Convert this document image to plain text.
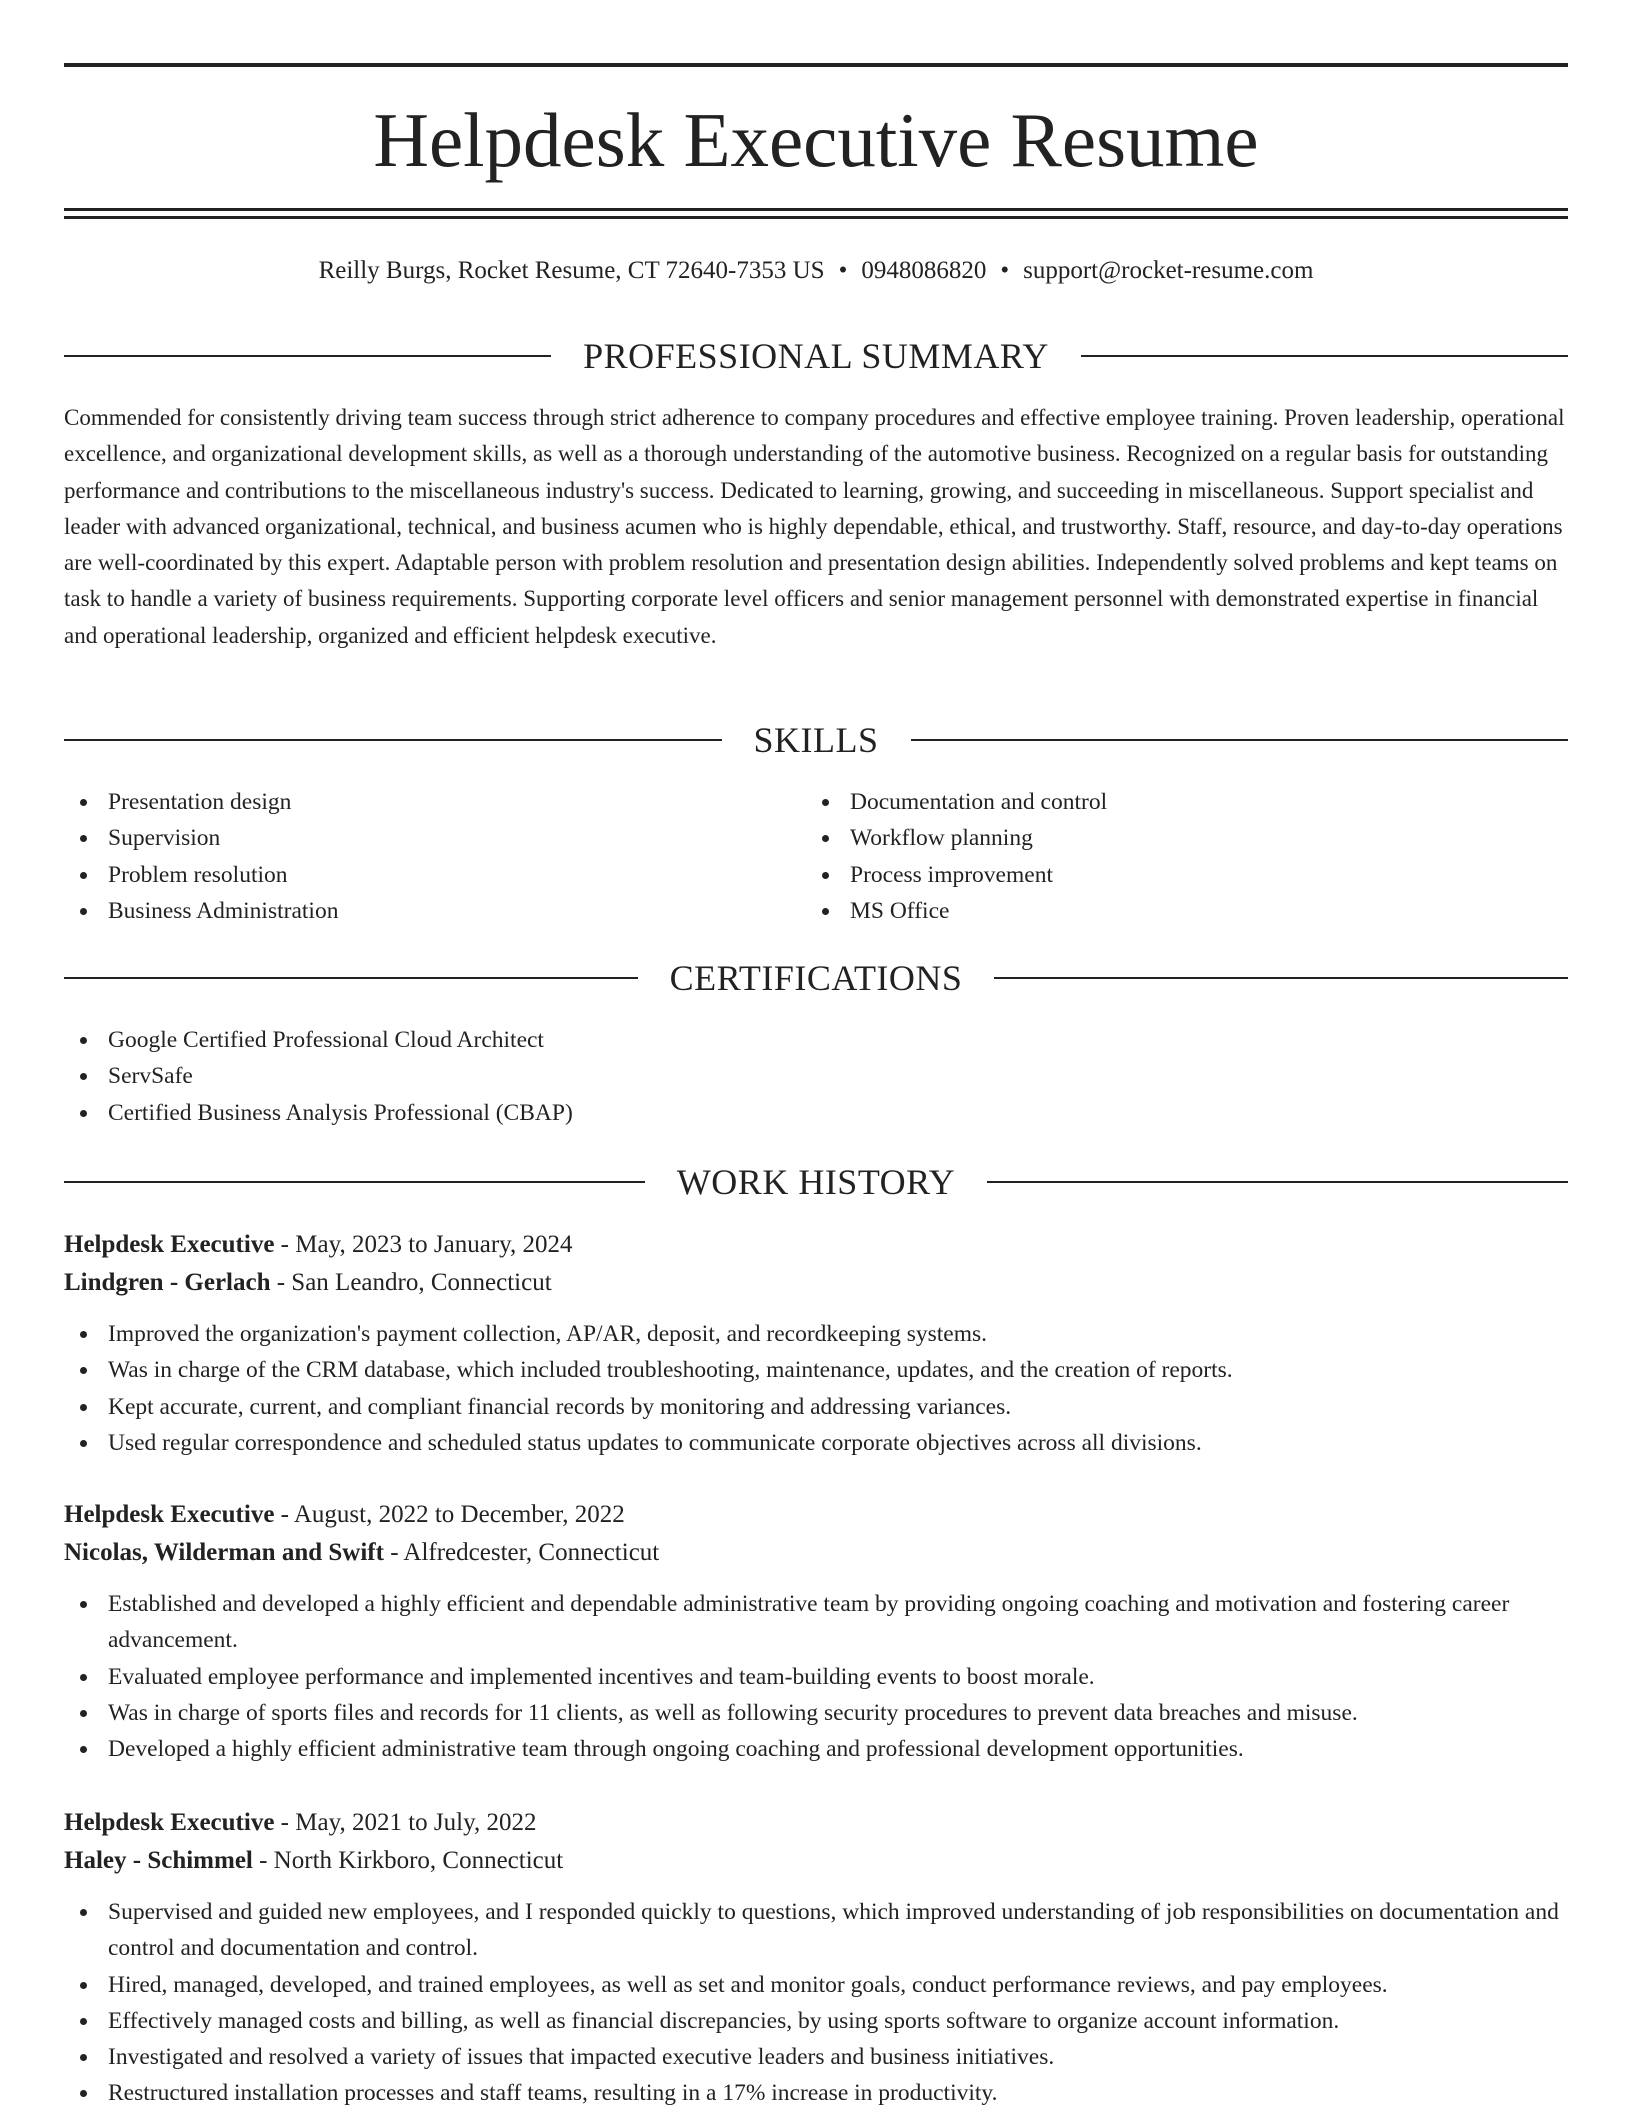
Helpdesk Executive Resume
Reilly Burgs, Rocket Resume, CT 72640-7353 US • 0948086820 • support@rocket-resume.com
PROFESSIONAL SUMMARY

Commended for consistently driving team success through strict adherence to company procedures and effective employee training. Proven leadership, operational excellence, and organizational development skills, as well as a thorough understanding of the automotive business. Recognized on a regular basis for outstanding performance and contributions to the miscellaneous industry's success. Dedicated to learning, growing, and succeeding in miscellaneous. Support specialist and leader with advanced organizational, technical, and business acumen who is highly dependable, ethical, and trustworthy. Staff, resource, and day-to-day operations are well-coordinated by this expert. Adaptable person with problem resolution and presentation design abilities. Independently solved problems and kept teams on task to handle a variety of business requirements. Supporting corporate level officers and senior management personnel with demonstrated expertise in financial and operational leadership, organized and efficient helpdesk executive.

SKILLS
Presentation design
Supervision
Problem resolution
Business Administration
Documentation and control
Workflow planning
Process improvement
MS Office
CERTIFICATIONS
Google Certified Professional Cloud Architect
ServSafe
Certified Business Analysis Professional (CBAP)
WORK HISTORY
Helpdesk Executive - May, 2023 to January, 2024
Lindgren - Gerlach - San Leandro, Connecticut
Improved the organization's payment collection, AP/AR, deposit, and recordkeeping systems.
Was in charge of the CRM database, which included troubleshooting, maintenance, updates, and the creation of reports.
Kept accurate, current, and compliant financial records by monitoring and addressing variances.
Used regular correspondence and scheduled status updates to communicate corporate objectives across all divisions.
Helpdesk Executive - August, 2022 to December, 2022
Nicolas, Wilderman and Swift - Alfredcester, Connecticut
Established and developed a highly efficient and dependable administrative team by providing ongoing coaching and motivation and fostering career advancement.
Evaluated employee performance and implemented incentives and team-building events to boost morale.
Was in charge of sports files and records for 11 clients, as well as following security procedures to prevent data breaches and misuse.
Developed a highly efficient administrative team through ongoing coaching and professional development opportunities.
Helpdesk Executive - May, 2021 to July, 2022
Haley - Schimmel - North Kirkboro, Connecticut
Supervised and guided new employees, and I responded quickly to questions, which improved understanding of job responsibilities on documentation and control and documentation and control.
Hired, managed, developed, and trained employees, as well as set and monitor goals, conduct performance reviews, and pay employees.
Effectively managed costs and billing, as well as financial discrepancies, by using sports software to organize account information.
Investigated and resolved a variety of issues that impacted executive leaders and business initiatives.
Restructured installation processes and staff teams, resulting in a 17% increase in productivity.
